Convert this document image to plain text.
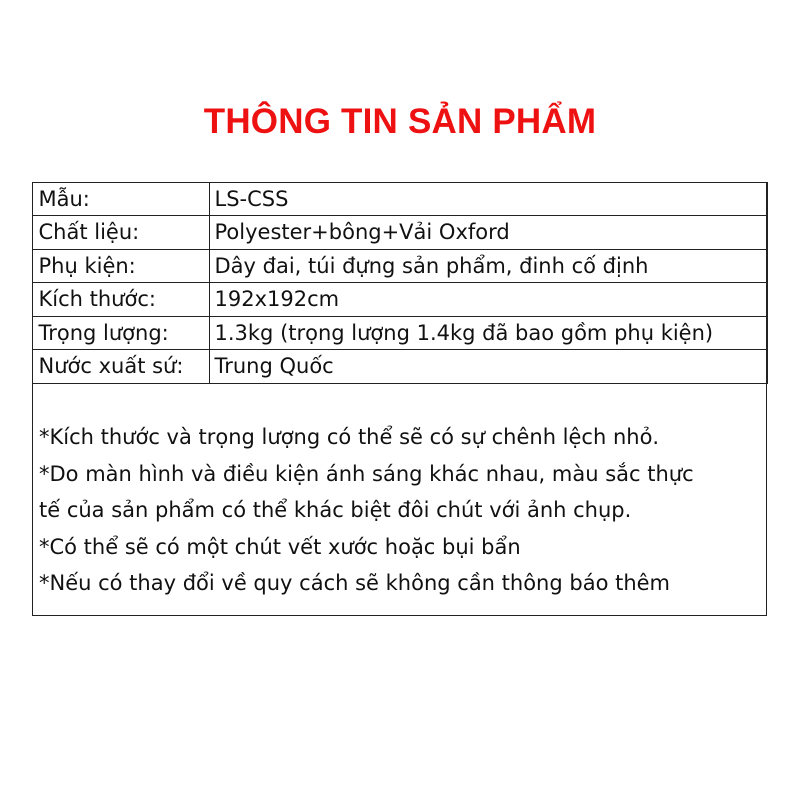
THÔNG TIN SẢN PHẨM
Mẫu:	LS-CSS
Chất liệu:	Polyester+bông+Vải Oxford
Phụ kiện:	Dây đai, túi đựng sản phẩm, đinh cố định
Kích thước:	192x192cm
Trọng lượng:	1.3kg (trọng lượng 1.4kg đã bao gồm phụ kiện)
Nước xuất sứ:	Trung Quốc

*Kích thước và trọng lượng có thể sẽ có sự chênh lệch nhỏ.

*Do màn hình và điều kiện ánh sáng khác nhau, màu sắc thực

tế của sản phẩm có thể khác biệt đôi chút với ảnh chụp.

*Có thể sẽ có một chút vết xước hoặc bụi bẩn

*Nếu có thay đổi về quy cách sẽ không cần thông báo thêm
